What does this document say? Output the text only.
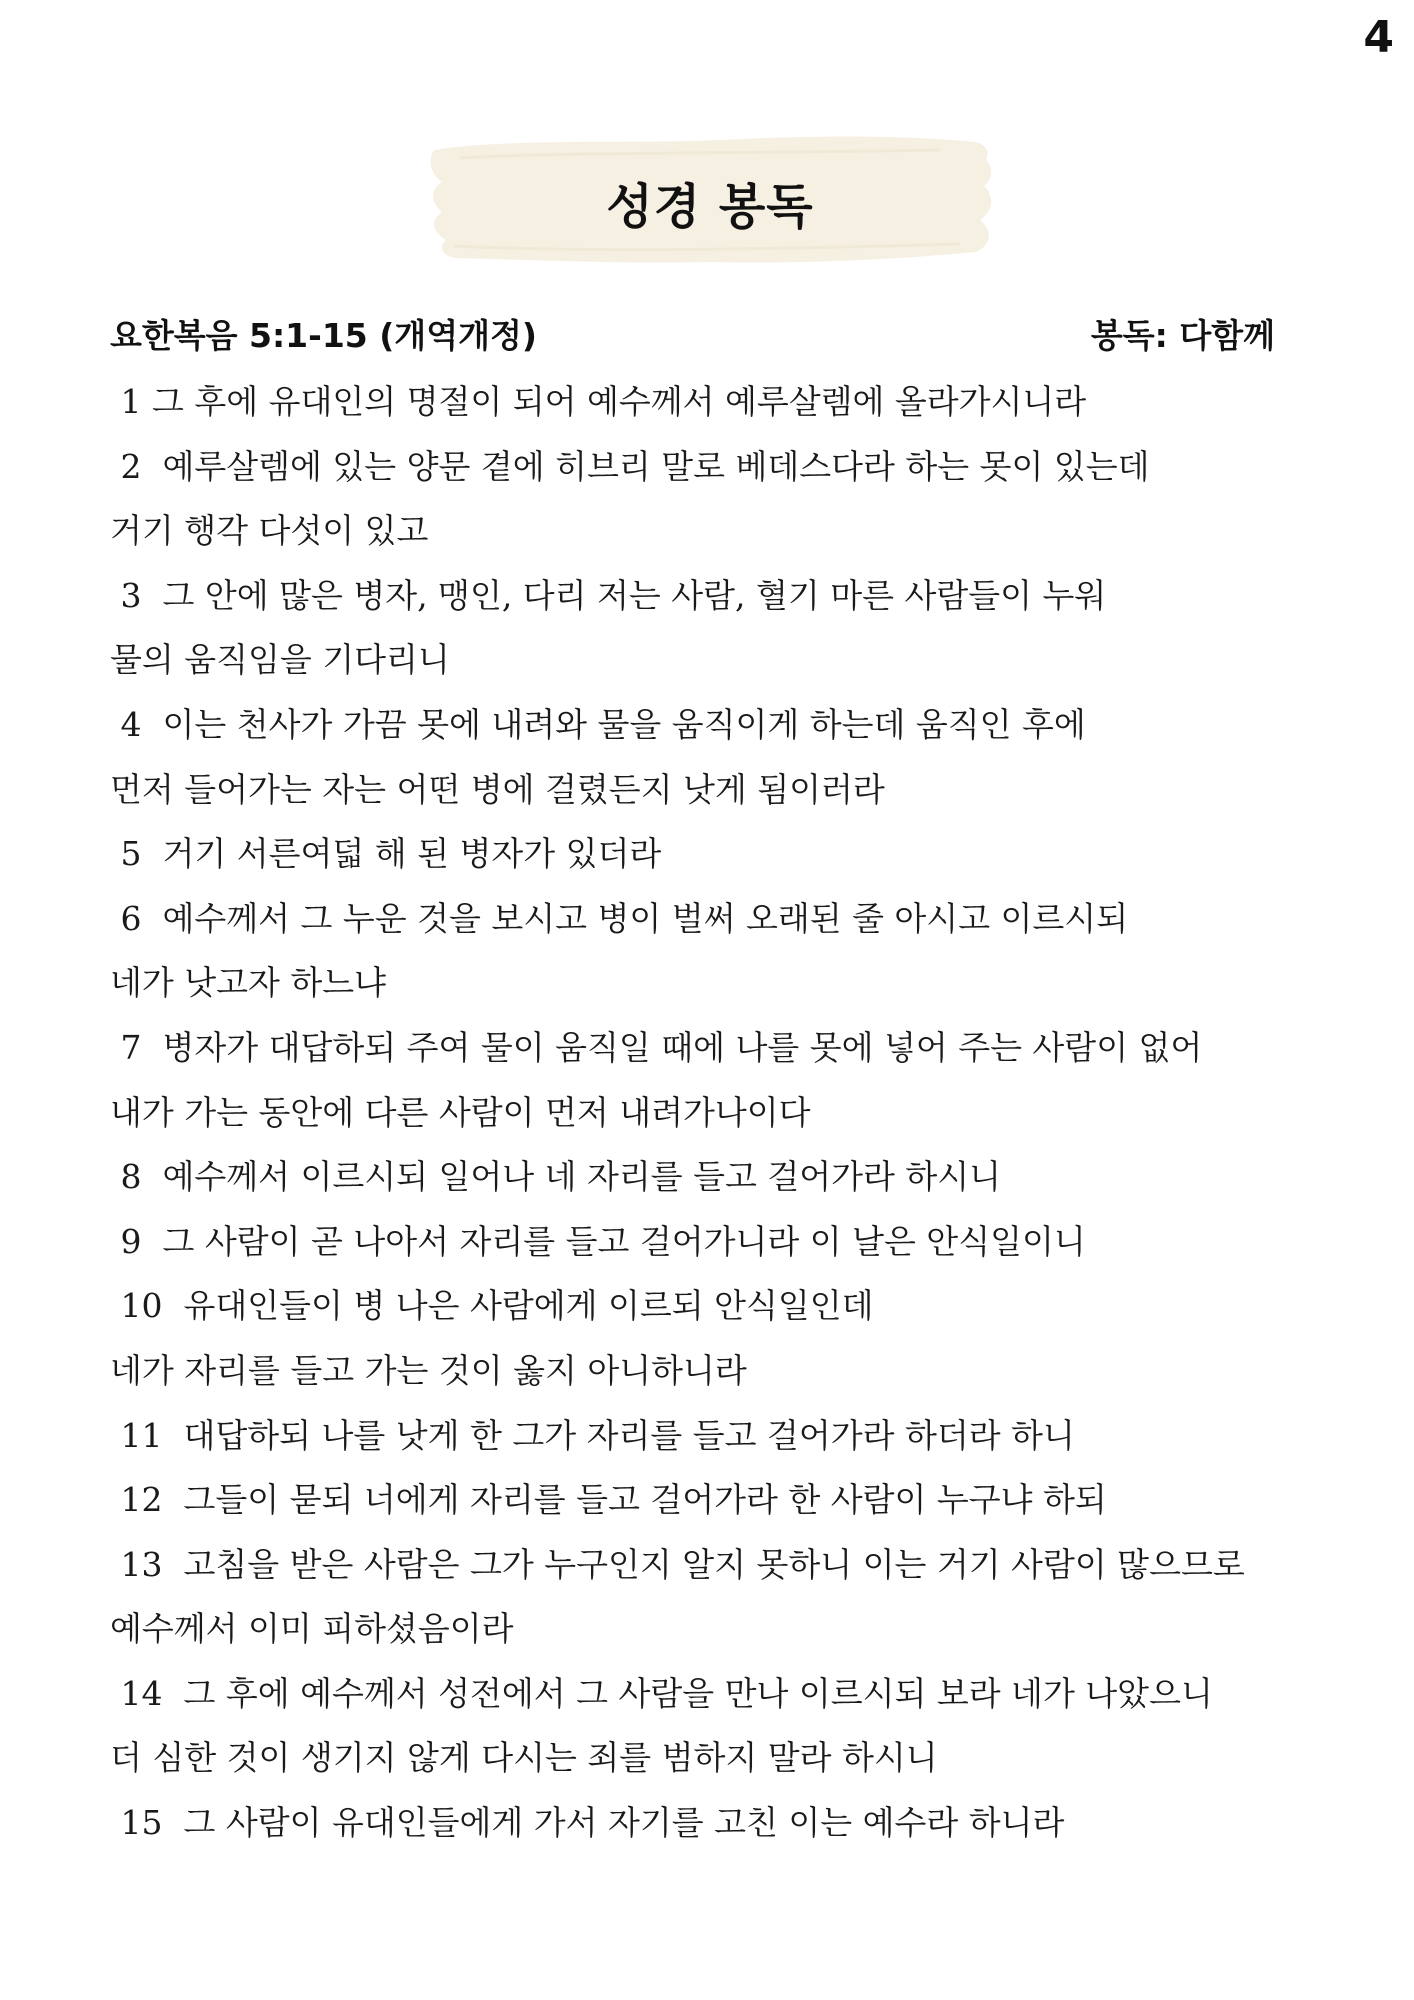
4
성경 봉독
요한복음 5:1-15 (개역개정)	봉독: 다함께
1 그 후에 유대인의 명절이 되어 예수께서 예루살렘에 올라가시니라
2  예루살렘에 있는 양문 곁에 히브리 말로 베데스다라 하는 못이 있는데
거기 행각 다섯이 있고
3  그 안에 많은 병자, 맹인, 다리 저는 사람, 혈기 마른 사람들이 누워
물의 움직임을 기다리니
4  이는 천사가 가끔 못에 내려와 물을 움직이게 하는데 움직인 후에
먼저 들어가는 자는 어떤 병에 걸렸든지 낫게 됨이러라
5  거기 서른여덟 해 된 병자가 있더라
6  예수께서 그 누운 것을 보시고 병이 벌써 오래된 줄 아시고 이르시되
네가 낫고자 하느냐
7  병자가 대답하되 주여 물이 움직일 때에 나를 못에 넣어 주는 사람이 없어
내가 가는 동안에 다른 사람이 먼저 내려가나이다
8  예수께서 이르시되 일어나 네 자리를 들고 걸어가라 하시니
9  그 사람이 곧 나아서 자리를 들고 걸어가니라 이 날은 안식일이니
10  유대인들이 병 나은 사람에게 이르되 안식일인데
네가 자리를 들고 가는 것이 옳지 아니하니라
11  대답하되 나를 낫게 한 그가 자리를 들고 걸어가라 하더라 하니
12  그들이 묻되 너에게 자리를 들고 걸어가라 한 사람이 누구냐 하되
13  고침을 받은 사람은 그가 누구인지 알지 못하니 이는 거기 사람이 많으므로
예수께서 이미 피하셨음이라
14  그 후에 예수께서 성전에서 그 사람을 만나 이르시되 보라 네가 나았으니
더 심한 것이 생기지 않게 다시는 죄를 범하지 말라 하시니
15  그 사람이 유대인들에게 가서 자기를 고친 이는 예수라 하니라
